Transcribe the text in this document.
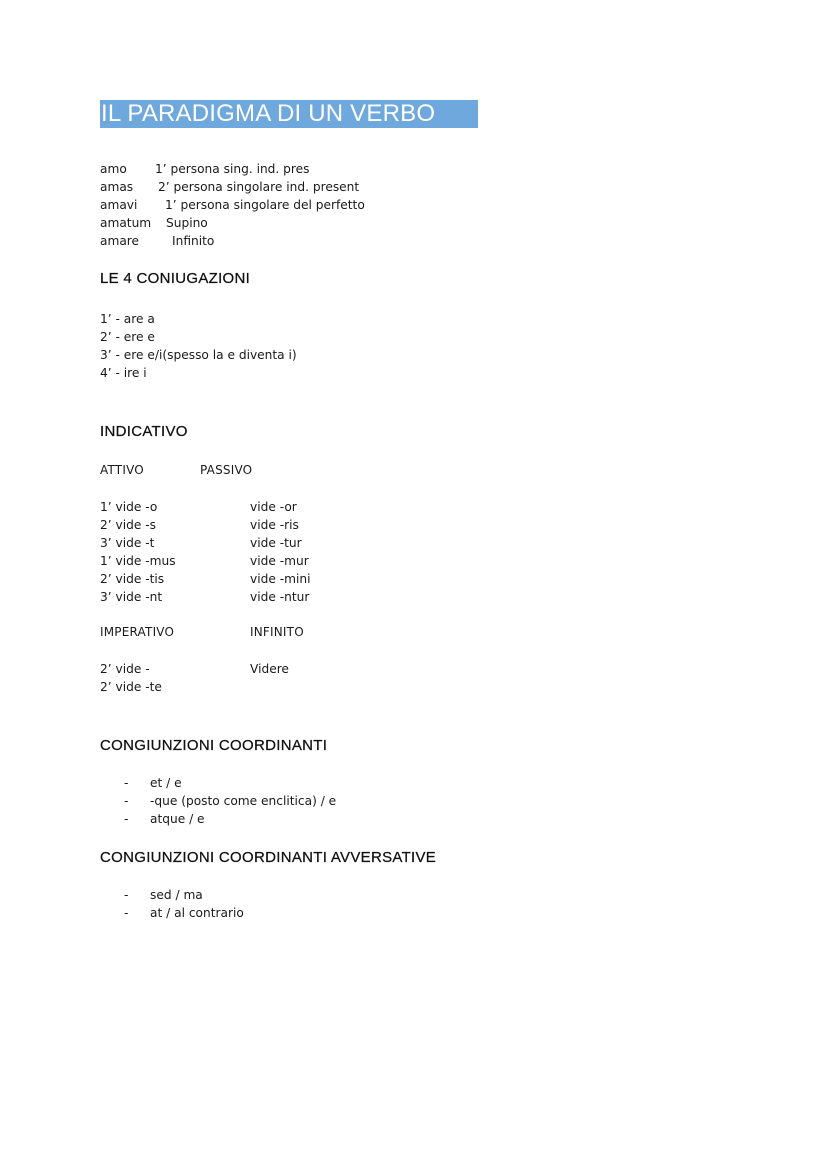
IL PARADIGMA DI UN VERBO
amo 1’ persona sing. ind. pres
amas 2’ persona singolare ind. present
amavi 1’ persona singolare del perfetto
amatum Supino
amare	Infinito
LE 4 CONIUGAZIONI
1’ - are a
2’ - ere e
3’ - ere e/i(spesso la e diventa i)
4’ - ire i
INDICATIVO
ATTIVO	PASSIVO
1’ vide -o	vide -or
2’ vide -s	vide -ris
3’ vide -t	vide -tur
1’ vide -mus	vide -mur
2’ vide -tis	vide -mini
3’ vide -nt	vide -ntur
IMPERATIVO	INFINITO
2’ vide -	Videre
2’ vide -te
CONGIUNZIONI COORDINANTI
- et / e
- -que (posto come enclitica) / e
- atque / e
CONGIUNZIONI COORDINANTI AVVERSATIVE
- sed / ma
- at / al contrario
